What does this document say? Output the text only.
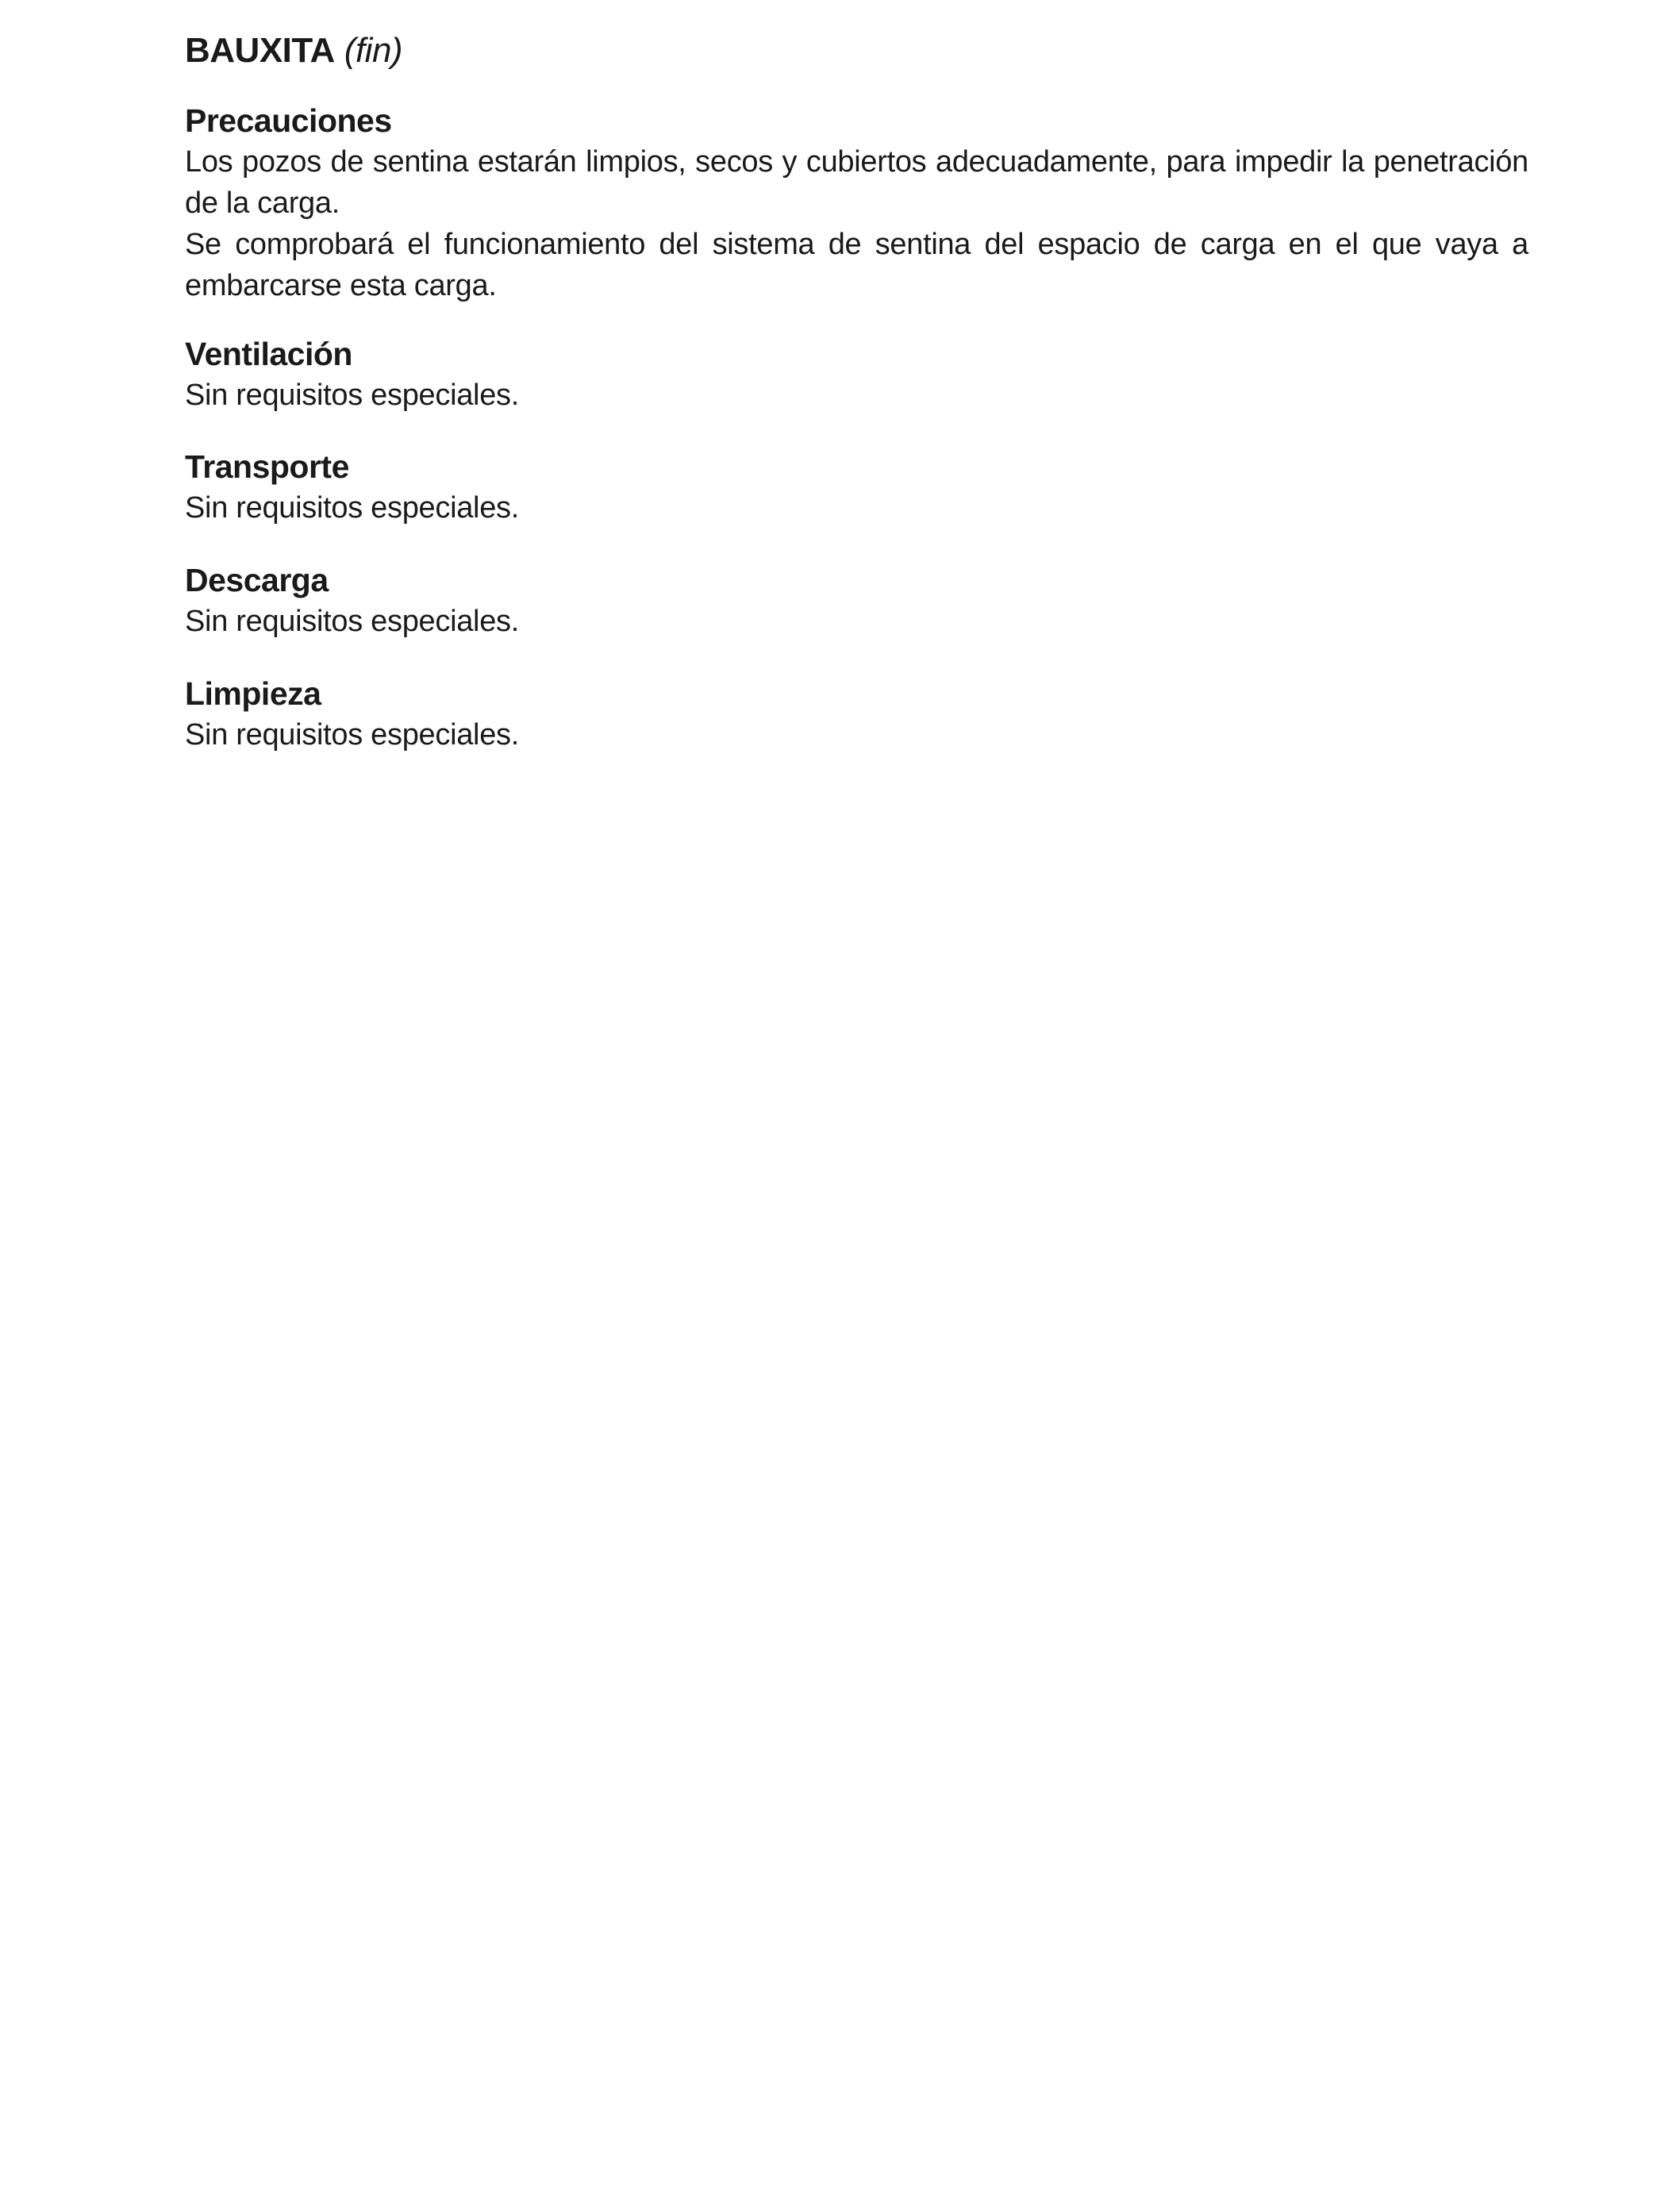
BAUXITA (fin)
Precauciones

Los pozos de sentina estarán limpios, secos y cubiertos adecuadamente, para impedir la penetración de la carga.

Se comprobará el funcionamiento del sistema de sentina del espacio de carga en el que vaya a embarcarse esta carga.

Ventilación

Sin requisitos especiales.

Transporte

Sin requisitos especiales.

Descarga

Sin requisitos especiales.

Limpieza

Sin requisitos especiales.
